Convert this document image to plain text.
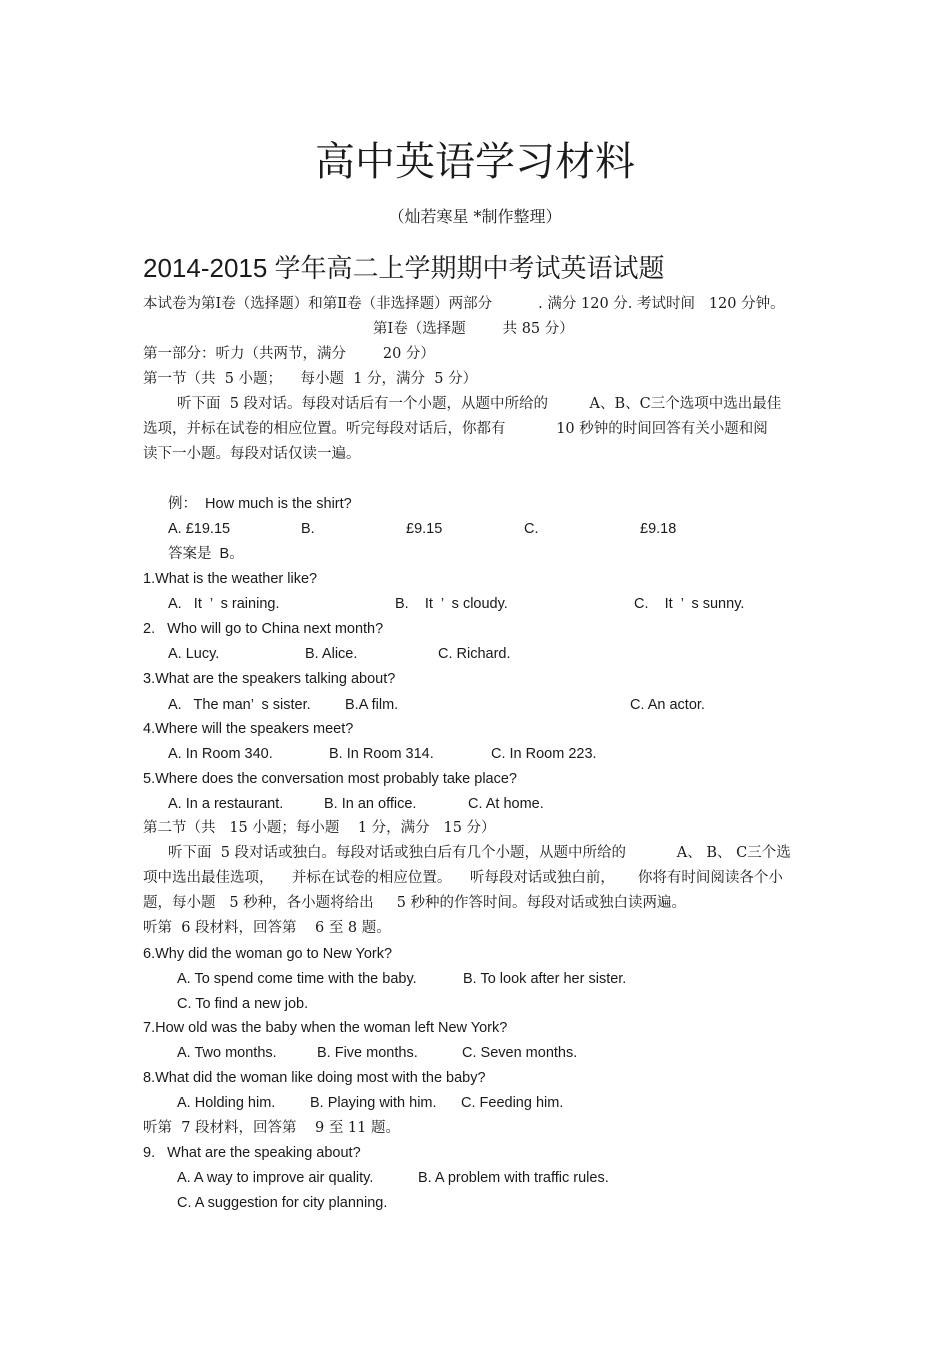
高中英语学习材料
（灿若寒星 *制作整理）
2014-2015 学年高二上学期期中考试英语试题
本试卷为第Ⅰ卷（选择题）和第Ⅱ卷（非选择题）两部分          . 满分 120 分. 考试时间   120 分钟。
第Ⅰ卷（选择题        共 85 分）
第一部分：听力（共两节，满分        20 分）
第一节（共  5 小题；    每小题  1 分，满分  5 分）
听下面  5 段对话。每段对话后有一个小题，从题中所给的         A、B、C三个选项中选出最佳
选项，并标在试卷的相应位置。听完每段对话后，你都有           10 秒钟的时间回答有关小题和阅
读下一小题。每段对话仅读一遍。
例：  How much is the shirt?
A. £19.15	B.	£9.15	C.	£9.18
答案是  B。
1.What is the weather like?
A.   It  ’  s raining.	B.    It  ’  s cloudy.	C.    It  ’  s sunny.
2.   Who will go to China next month?
A. Lucy.	B. Alice.	C. Richard.
3.What are the speakers talking about?
A.   The man’  s sister. B.A film.	C. An actor.
4.Where will the speakers meet?
A. In Room 340.	B. In Room 314.	C. In Room 223.
5.Where does the conversation most probably take place?
A. In a restaurant.	B. In an office.	C. At home.
第二节（共   15 小题；每小题    1 分，满分   15 分）
听下面  5 段对话或独白。每段对话或独白后有几个小题，从题中所给的           A、 B、 C三个选
项中选出最佳选项，    并标在试卷的相应位置。    听每段对话或独白前，     你将有时间阅读各个小
题，每小题   5 秒种，各小题将给出     5 秒种的作答时间。每段对话或独白读两遍。
听第  6 段材料，回答第    6 至 8 题。
6.Why did the woman go to New York?
A. To spend come time with the baby.	B. To look after her sister.
C. To find a new job.
7.How old was the baby when the woman left New York?
A. Two months.	B. Five months.	C. Seven months.
8.What did the woman like doing most with the baby?
A. Holding him. B. Playing with him. C. Feeding him.
听第  7 段材料，回答第    9 至 11 题。
9.   What are the speaking about?
A. A way to improve air quality.	B. A problem with traffic rules.
C. A suggestion for city planning.
